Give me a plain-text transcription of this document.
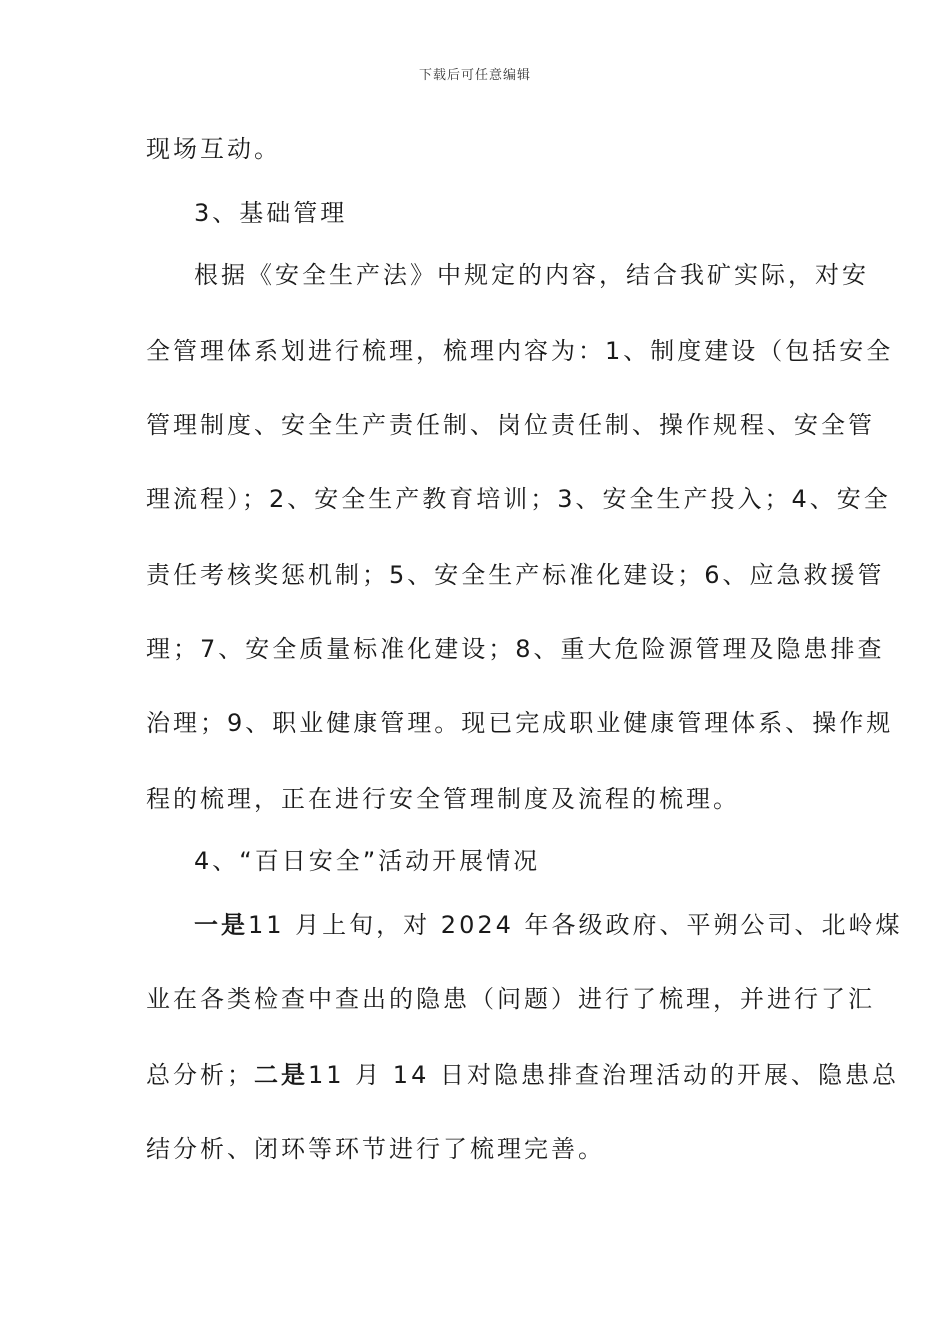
下载后可任意编辑
现场互动。
3、基础管理
根据《安全生产法》中规定的内容，结合我矿实际，对安
全管理体系划进行梳理，梳理内容为：1、制度建设（包括安全
管理制度、安全生产责任制、岗位责任制、操作规程、安全管
理流程）；2、安全生产教育培训；3、安全生产投入；4、安全
责任考核奖惩机制；5、安全生产标准化建设；6、应急救援管
理；7、安全质量标准化建设；8、重大危险源管理及隐患排查
治理；9、职业健康管理。现已完成职业健康管理体系、操作规
程的梳理，正在进行安全管理制度及流程的梳理。
4、“百日安全”活动开展情况
一是11 月上旬，对 2024 年各级政府、平朔公司、北岭煤
业在各类检查中查出的隐患（问题）进行了梳理，并进行了汇
总分析；二是11 月 14 日对隐患排查治理活动的开展、隐患总
结分析、闭环等环节进行了梳理完善。
